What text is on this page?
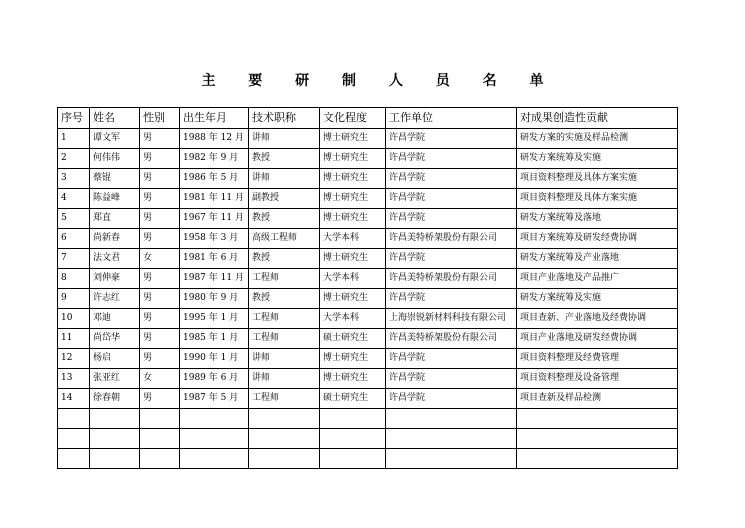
主 要 研 制 人 员 名 单
序号	姓名	性别	出生年月	技术职称	文化程度	工作单位	对成果创造性贡献
1	谭文军	男	1988 年 12 月	讲师	博士研究生	许昌学院	研发方案的实施及样品检测
2	何伟伟	男	1982 年 9 月	教授	博士研究生	许昌学院	研发方案统筹及实施
3	蔡锟	男	1986 年 5 月	讲师	博士研究生	许昌学院	项目资料整理及具体方案实施
4	陈益峰	男	1981 年 11 月	副教授	博士研究生	许昌学院	项目资料整理及具体方案实施
5	郑直	男	1967 年 11 月	教授	博士研究生	许昌学院	研发方案统筹及落地
6	尚新春	男	1958 年 3 月	高级工程师	大学本科	许昌美特桥架股份有限公司	项目方案统筹及研发经费协调
7	法文君	女	1981 年 6 月	教授	博士研究生	许昌学院	研发方案统筹及产业落地
8	刘伸豪	男	1987 年 11 月	工程师	大学本科	许昌美特桥架股份有限公司	项目产业落地及产品推广
9	许志红	男	1980 年 9 月	教授	博士研究生	许昌学院	研发方案统筹及实施
10	邓迪	男	1995 年 1 月	工程师	大学本科	上海崇锐新材料科技有限公司	项目查新、产业落地及经费协调
11	尚岱华	男	1985 年 1 月	工程师	硕士研究生	许昌美特桥架股份有限公司	项目产业落地及研发经费协调
12	杨启	男	1990 年 1 月	讲师	博士研究生	许昌学院	项目资料整理及经费管理
13	张亚红	女	1989 年 6 月	讲师	博士研究生	许昌学院	项目资料整理及设备管理
14	徐春朝	男	1987 年 5 月	工程师	硕士研究生	许昌学院	项目查新及样品检测
